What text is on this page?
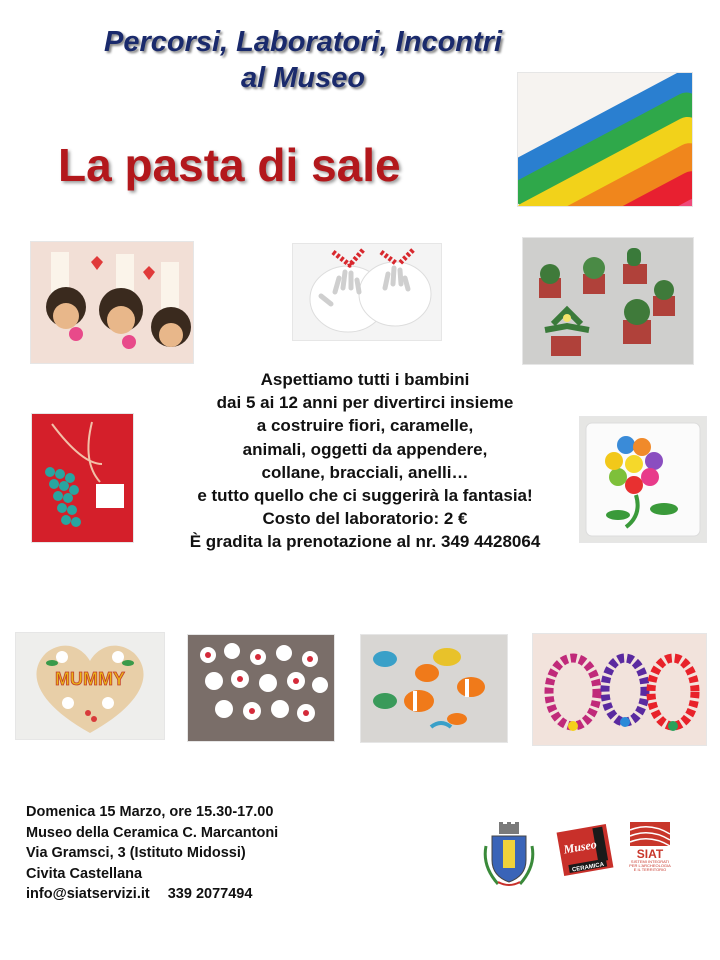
Percorsi, Laboratori, Incontri
al Museo
La pasta di sale
Aspettiamo tutti i bambini
dai 5 ai 12 anni per divertirci insieme
a costruire fiori, caramelle,
animali, oggetti da appendere,
collane, bracciali, anelli…
e tutto quello che ci suggerirà la fantasia!
Costo del laboratorio: 2 €
È gradita la prenotazione al nr. 349 4428064
MUMMY
Domenica 15 Marzo, ore 15.30-17.00
Museo della Ceramica C. Marcantoni
Via Gramsci, 3 (Istituto Midossi)
Civita Castellana
info@siatservizi.it 339 2077494
Museo
CERAMICA
SIAT
SISTEMI INTEGRATI
PER L'ARCHEOLOGIA
E IL TERRITORIO
